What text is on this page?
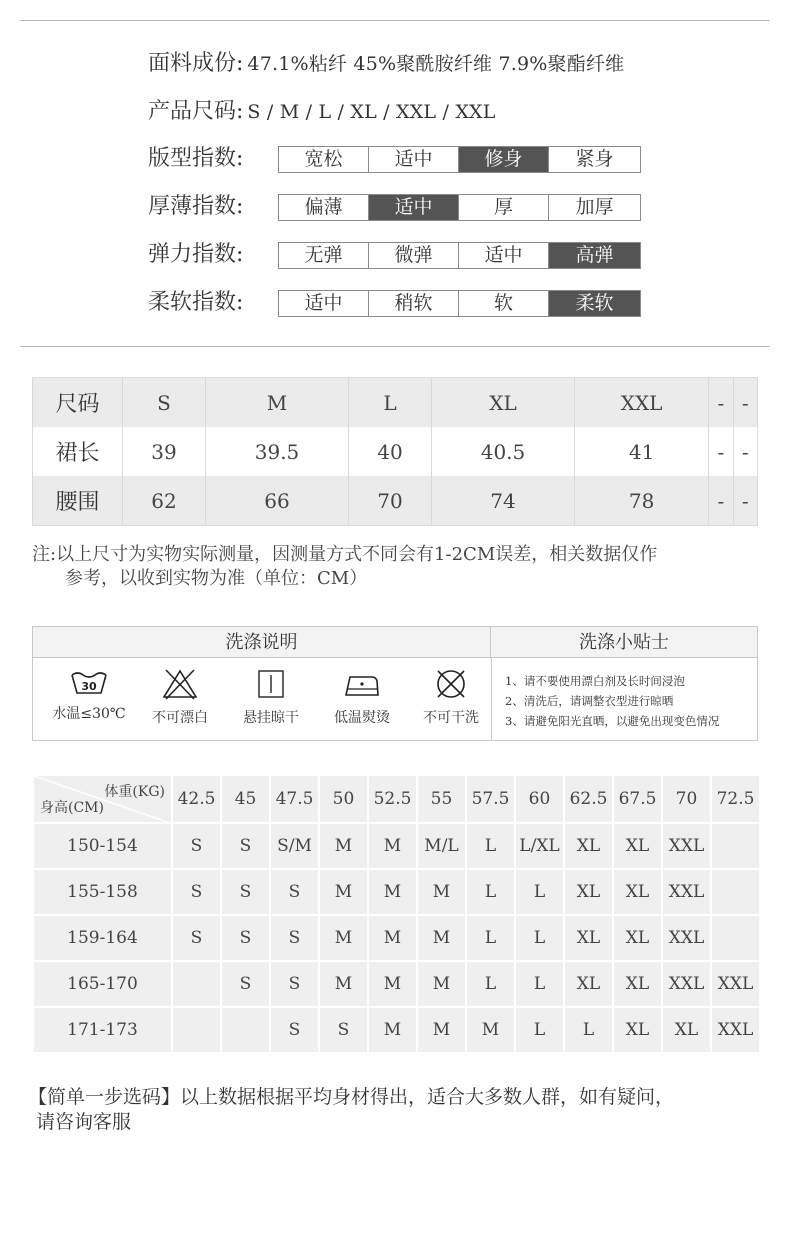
面料成份: 47.1%粘纤 45%聚酰胺纤维 7.9%聚酯纤维
产品尺码: S / M / L / XL / XXL / XXL
版型指数:	宽松	适中	修身	紧身
厚薄指数:	偏薄	适中	厚	加厚
弹力指数:	无弹	微弹	适中	高弹
柔软指数:	适中	稍软	软	柔软
尺码	S	M	L	XL	XXL	-	-
裙长	39	39.5	40	40.5	41	-	-
腰围	62	66	70	74	78	-	-
注:以上尺寸为实物实际测量，因测量方式不同会有1-2CM误差，相关数据仅作
参考，以收到实物为准（单位：CM）
洗涤说明	洗涤小贴士
30
水温≤30℃	不可漂白	悬挂晾干	低温熨烫	不可干洗
1、请不要使用漂白剂及长时间浸泡
2、清洗后，请调整衣型进行晾晒
3、请避免阳光直晒，以避免出现变色情况
体重(KG)
身高(CM)	42.5	45	47.5	50	52.5	55	57.5	60	62.5	67.5	70	72.5
150-154	S	S	S/M	M	M	M/L	L	L/XL	XL	XL	XXL	
155-158	S	S	S	M	M	M	L	L	XL	XL	XXL	
159-164	S	S	S	M	M	M	L	L	XL	XL	XXL	
165-170		S	S	M	M	M	L	L	XL	XL	XXL	XXL
171-173			S	S	M	M	M	L	L	XL	XL	XXL
【简单一步选码】以上数据根据平均身材得出，适合大多数人群，如有疑问，
请咨询客服
